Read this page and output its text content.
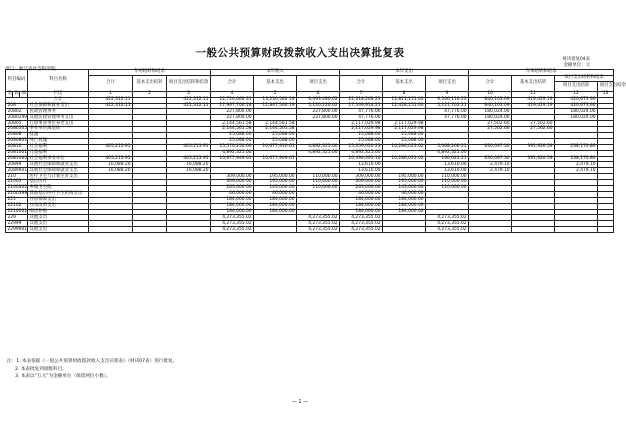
一般公共预算财政拨款收入支出决算批复表
财决批复04表
金额单位：元
部门：浙江省社会科学院
科目编码			科目名称	年初结转和结余			本年收入			本年支出			年末结转和结余			
				合计	基本支出结转	项目支出结转和结余	合计	基本支出	项目支出	合计	基本支出	项目支出	合计	基本支出结转	项目支出结转和结余	
															项目支出结转	项目支出结余
类	款	项	栏次	1	2	3	4	5	6	7	8	9	10	11	12	13
			合计	422,312.11		422,312.11	22,724,060.31	13,230,580.19	9,493,480.02	22,318,269.23	12,811,151.00	9,506,116.23	840,103.09	419,429.19	420,673.90	
208			社会保障和就业支出	422,312.11		422,312.11	17,967,700.18	12,847,560.19	5,120,120.02	17,549,914.21	12,428,151.00	5,121,763.21	840,103.09	419,429.19	420,673.90	
20802			民政管理事务				227,800.00		227,800.00	47,776.00		47,776.00	180,024.00		180,024.00	
2080299			其他民政管理事务支出				227,800.00		227,800.00	47,776.00		47,776.00	180,024.00		180,024.00	
20805			行政事业单位养老支出				2,144,561.58	2,144,561.58		2,117,029.98	2,117,029.98		27,502.60	27,502.60		
2080505			事业单位离退休				2,144,561.58	2,144,561.58		2,117,029.98	2,117,029.98		27,502.60	27,502.60		
20808			抚恤				25,088.00	25,088.00		25,088.00	25,088.00					
2080801			死亡抚恤				25,088.00	25,088.00		25,088.00	25,088.00					
20810			社会福利	405,213.91		405,213.91	15,570,250.60	10,677,910.61	4,892,325.00	15,359,020.23	10,286,023.02	5,068,266.21	630,097.30	391,926.59	238,170.80	
2081001			儿童福利				4,892,325.00		4,892,325.00	4,892,325.00		4,892,325.00				
2081005			社会福利事业单位	405,213.91		405,213.91	10,677,949.61	10,677,949.61		10,494,095.10	10,286,023.02	166,041.21	630,097.30	391,926.59	238,170.80	
20899			其他社会保障和就业支出	16,088.20		16,088.20				13,610.00		13,610.00	2,479.10		2,479.10	
2089901			其他社会保障和就业支出	16,088.20		16,088.20				13,610.00		13,610.00	2,479.10		2,479.10	
210			医疗卫生与计划生育支出				309,000.00	195,000.00	110,000.00	309,000.00	195,000.00	110,000.00				
21003			基层医疗				309,000.00	195,000.00	110,000.00	309,000.00	195,000.00	110,000.00				
2100302			乡镇卫生院				263,000.00	143,000.00	110,000.00	263,000.00	143,000.00	110,000.00				
2100399			其他基层医疗卫生机构支出				46,000.00	46,000.00		46,000.00	46,000.00					
221			住房保障支出				184,000.00	184,000.00		184,000.00	184,000.00					
22102			住房改革支出				184,000.00	184,000.00		184,000.00	184,000.00					
2210201			购房补贴				184,000.00	184,000.00		184,000.00	184,000.00					
229			其他支出				4,273,355.02		4,273,355.02	4,273,355.02		4,273,355.02				
22999			其他支出				4,273,355.02		4,273,355.02	4,273,355.02		4,273,355.02				
2299901			其他支出				4,273,355.02		4,273,355.02	4,273,355.02		4,273,355.02				
注：1. 本表依据《一般公共预算财政拨款收入支出决算表》（财决07表）进行批复。
2. 本表批复到项级科目。
3. 本表以“万元”为金额单位（保留两位小数）。
— 1 —
